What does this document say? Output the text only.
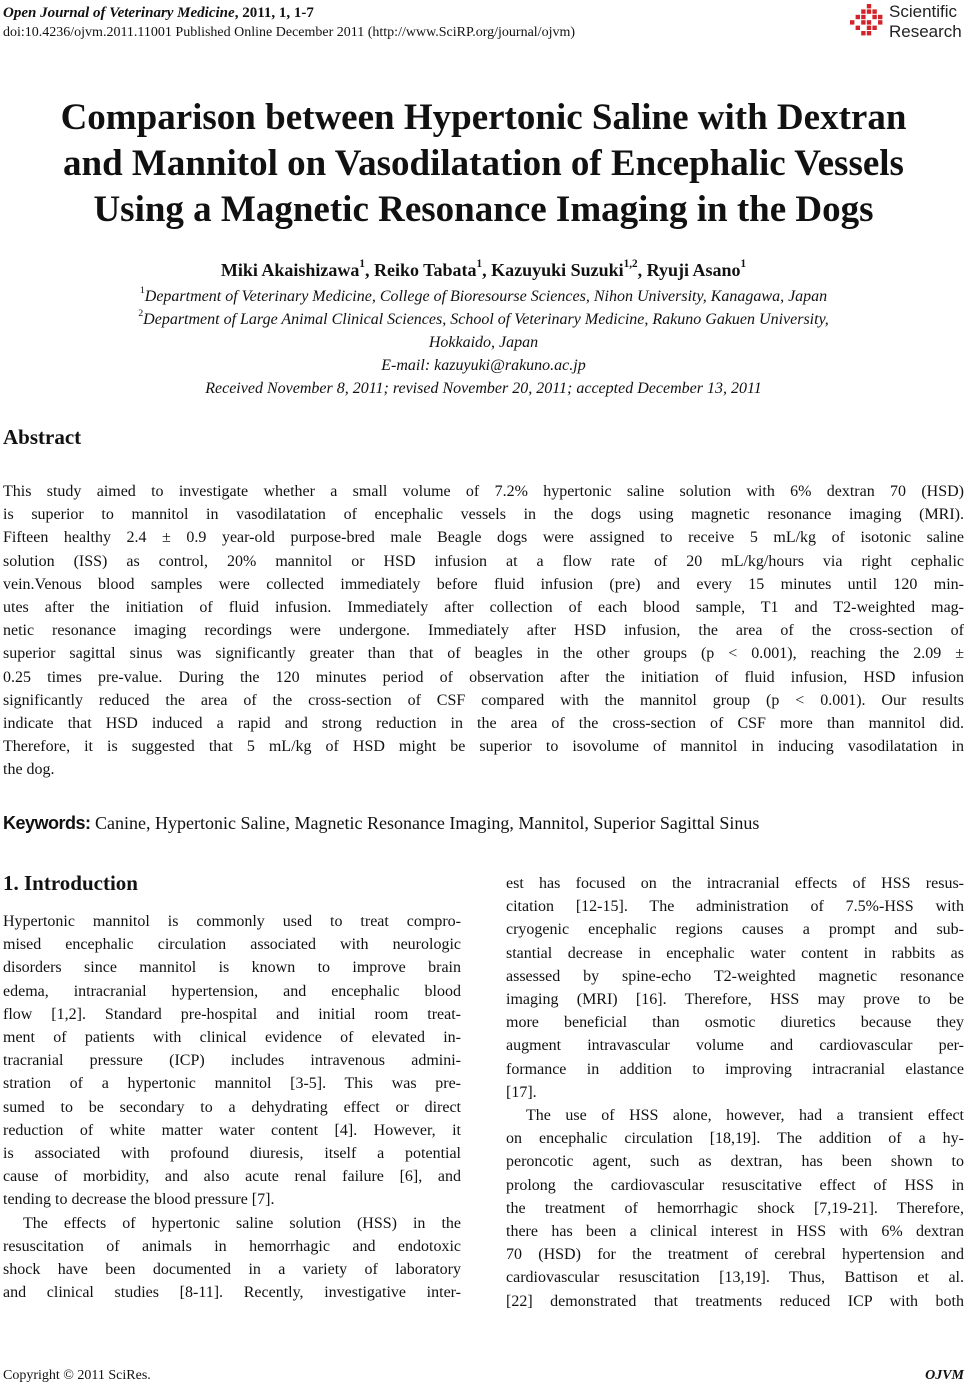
Open Journal of Veterinary Medicine, 2011, 1, 1-7
doi:10.4236/ojvm.2011.11001 Published Online December 2011 (http://www.SciRP.org/journal/ojvm)
Scientific
Research
Comparison between Hypertonic Saline with Dextran
and Mannitol on Vasodilatation of Encephalic Vessels
Using a Magnetic Resonance Imaging in the Dogs
Miki Akaishizawa$^1$, Reiko Tabata$^1$, Kazuyuki Suzuki$^{1,2}$, Ryuji Asano$^1$
$^1$Department of Veterinary Medicine, College of Bioresourse Sciences, Nihon University, Kanagawa, Japan
$^2$Department of Large Animal Clinical Sciences, School of Veterinary Medicine, Rakuno Gakuen University,
Hokkaido, Japan
E-mail: kazuyuki@rakuno.ac.jp
Received November 8, 2011; revised November 20, 2011; accepted December 13, 2011
Abstract
This study aimed to investigate whether a small volume of 7.2% hypertonic saline solution with 6% dextran 70 (HSD)
is superior to mannitol in vasodilatation of encephalic vessels in the dogs using magnetic resonance imaging (MRI).
Fifteen healthy 2.4 ± 0.9 year-old purpose-bred male Beagle dogs were assigned to receive 5 mL/kg of isotonic saline
solution (ISS) as control, 20% mannitol or HSD infusion at a flow rate of 20 mL/kg/hours via right cephalic
vein.Venous blood samples were collected immediately before fluid infusion (pre) and every 15 minutes until 120 min-
utes after the initiation of fluid infusion. Immediately after collection of each blood sample, T1 and T2-weighted mag-
netic resonance imaging recordings were undergone. Immediately after HSD infusion, the area of the cross-section of
superior sagittal sinus was significantly greater than that of beagles in the other groups (p < 0.001), reaching the 2.09 ±
0.25 times pre-value. During the 120 minutes period of observation after the initiation of fluid infusion, HSD infusion
significantly reduced the area of the cross-section of CSF compared with the mannitol group (p < 0.001). Our results
indicate that HSD induced a rapid and strong reduction in the area of the cross-section of CSF more than mannitol did.
Therefore, it is suggested that 5 mL/kg of HSD might be superior to isovolume of mannitol in inducing vasodilatation in
the dog.
Keywords: Canine, Hypertonic Saline, Magnetic Resonance Imaging, Mannitol, Superior Sagittal Sinus
1. Introduction

Hypertonic mannitol is commonly used to treat compro-
mised encephalic circulation associated with neurologic
disorders since mannitol is known to improve brain
edema, intracranial hypertension, and encephalic blood
flow [1,2]. Standard pre-hospital and initial room treat-
ment of patients with clinical evidence of elevated in-
tracranial pressure (ICP) includes intravenous admini-
stration of a hypertonic mannitol [3-5]. This was pre-
sumed to be secondary to a dehydrating effect or direct
reduction of white matter water content [4]. However, it
is associated with profound diuresis, itself a potential
cause of morbidity, and also acute renal failure [6], and
tending to decrease the blood pressure [7].

The effects of hypertonic saline solution (HSS) in the
resuscitation of animals in hemorrhagic and endotoxic
shock have been documented in a variety of laboratory
and clinical studies [8-11]. Recently, investigative inter-

est has focused on the intracranial effects of HSS resus-
citation [12-15]. The administration of 7.5%-HSS with
cryogenic encephalic regions causes a prompt and sub-
stantial decrease in encephalic water content in rabbits as
assessed by spine-echo T2-weighted magnetic resonance
imaging (MRI) [16]. Therefore, HSS may prove to be
more beneficial than osmotic diuretics because they
augment intravascular volume and cardiovascular per-
formance in addition to improving intracranial elastance
[17].

The use of HSS alone, however, had a transient effect
on encephalic circulation [18,19]. The addition of a hy-
peroncotic agent, such as dextran, has been shown to
prolong the cardiovascular resuscitative effect of HSS in
the treatment of hemorrhagic shock [7,19-21]. Therefore,
there has been a clinical interest in HSS with 6% dextran
70 (HSD) for the treatment of cerebral hypertension and
cardiovascular resuscitation [13,19]. Thus, Battison et al.
[22] demonstrated that treatments reduced ICP with both

Copyright © 2011 SciRes.	OJVM
